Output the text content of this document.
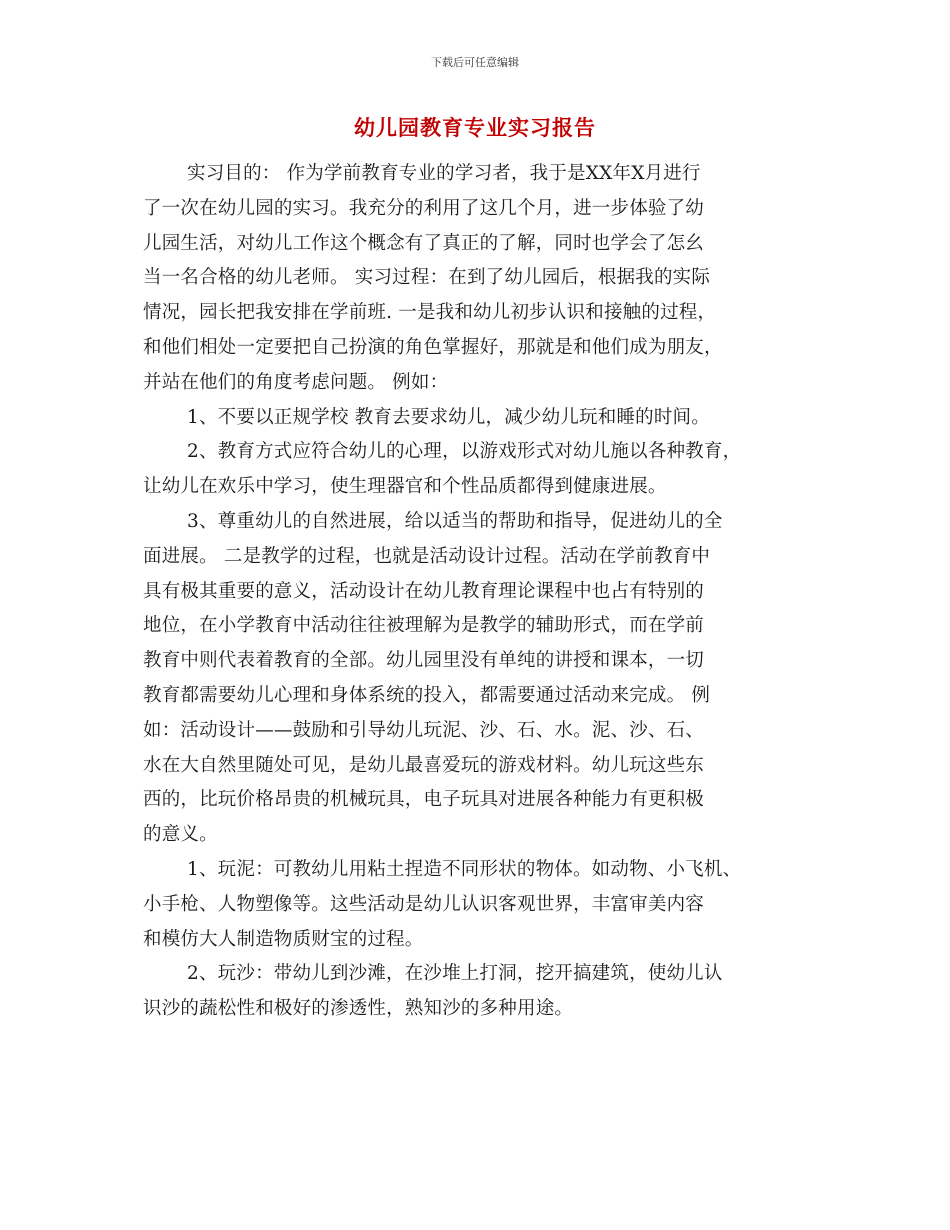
下载后可任意编辑
幼儿园教育专业实习报告
实习目的： 作为学前教育专业的学习者，我于是XX年X月进行
了一次在幼儿园的实习。我充分的利用了这几个月，进一步体验了幼
儿园生活，对幼儿工作这个概念有了真正的了解，同时也学会了怎幺
当一名合格的幼儿老师。 实习过程：在到了幼儿园后，根据我的实际
情况，园长把我安排在学前班. 一是我和幼儿初步认识和接触的过程，
和他们相处一定要把自己扮演的角色掌握好，那就是和他们成为朋友，
并站在他们的角度考虑问题。 例如：
1、不要以正规学校 教育去要求幼儿，减少幼儿玩和睡的时间。
2、教育方式应符合幼儿的心理，以游戏形式对幼儿施以各种教育，
让幼儿在欢乐中学习，使生理器官和个性品质都得到健康进展。
3、尊重幼儿的自然进展，给以适当的帮助和指导，促进幼儿的全
面进展。 二是教学的过程，也就是活动设计过程。活动在学前教育中
具有极其重要的意义，活动设计在幼儿教育理论课程中也占有特别的
地位，在小学教育中活动往往被理解为是教学的辅助形式，而在学前
教育中则代表着教育的全部。幼儿园里没有单纯的讲授和课本，一切
教育都需要幼儿心理和身体系统的投入，都需要通过活动来完成。 例
如：活动设计——鼓励和引导幼儿玩泥、沙、石、水。泥、沙、石、
水在大自然里随处可见，是幼儿最喜爱玩的游戏材料。幼儿玩这些东
西的，比玩价格昂贵的机械玩具，电子玩具对进展各种能力有更积极
的意义。
1、玩泥：可教幼儿用粘土捏造不同形状的物体。如动物、小飞机、
小手枪、人物塑像等。这些活动是幼儿认识客观世界，丰富审美内容
和模仿大人制造物质财宝的过程。
2、玩沙：带幼儿到沙滩，在沙堆上打洞，挖开搞建筑，使幼儿认
识沙的蔬松性和极好的渗透性，熟知沙的多种用途。
